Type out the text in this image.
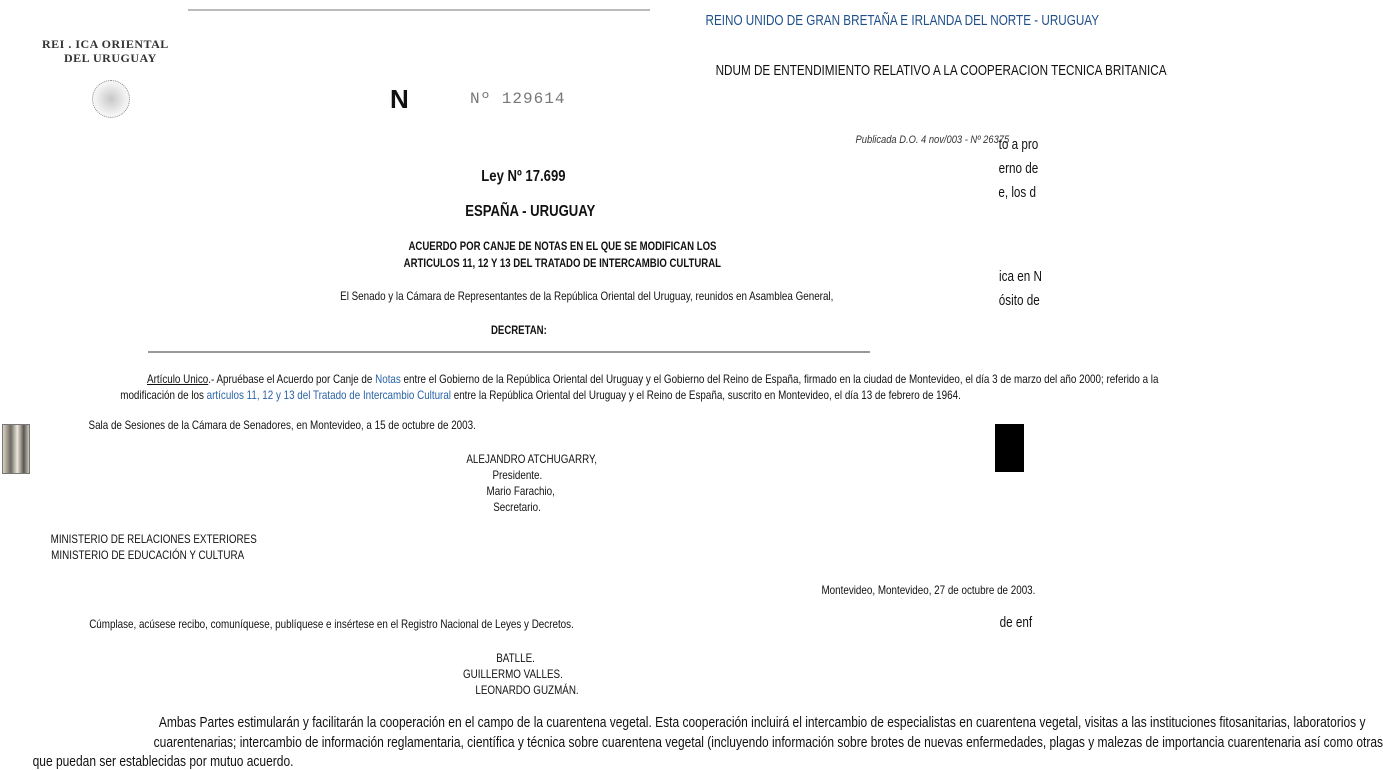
REINO UNIDO DE GRAN BRETAÑA E IRLANDA DEL NORTE - URUGUAY
NDUM DE ENTENDIMIENTO RELATIVO A LA COOPERACION TECNICA BRITANICA
to a pro
erno de
e, los d
ica en N
ósito de
de enf
Ambas Partes estimularán y facilitarán la cooperación en el campo de la cuarentena vegetal. Esta cooperación incluirá el intercambio de especialistas en cuarentena vegetal, visitas a las instituciones fitosanitarias, laboratorios y
cuarentenarias; intercambio de información reglamentaria, científica y técnica sobre cuarentena vegetal (incluyendo información sobre brotes de nuevas enfermedades, plagas y malezas de importancia cuarentenaria así como otras
que puedan ser establecidas por mutuo acuerdo.
REI . ICA ORIENTAL
DEL URUGUAY
N	Nº 129614
Publicada D.O. 4 nov/003 - Nº 26375
Ley Nº 17.699
ESPAÑA - URUGUAY
ACUERDO POR CANJE DE NOTAS EN EL QUE SE MODIFICAN LOS
ARTICULOS 11, 12 Y 13 DEL TRATADO DE INTERCAMBIO CULTURAL
El Senado y la Cámara de Representantes de la República Oriental del Uruguay, reunidos en Asamblea General,
DECRETAN:
Artículo Unico.- Apruébase el Acuerdo por Canje de Notas entre el Gobierno de la República Oriental del Uruguay y el Gobierno del Reino de España, firmado en la ciudad de Montevideo, el día 3 de marzo del año 2000; referido a la
modificación de los artículos 11, 12 y 13 del Tratado de Intercambio Cultural entre la República Oriental del Uruguay y el Reino de España, suscrito en Montevideo, el día 13 de febrero de 1964.
Sala de Sesiones de la Cámara de Senadores, en Montevideo, a 15 de octubre de 2003.
ALEJANDRO ATCHUGARRY,
Presidente.
Mario Farachio,
Secretario.
MINISTERIO DE RELACIONES EXTERIORES
MINISTERIO DE EDUCACIÓN Y CULTURA
Montevideo, Montevideo, 27 de octubre de 2003.
Cúmplase, acúsese recibo, comuníquese, publíquese e insértese en el Registro Nacional de Leyes y Decretos.
BATLLE.
GUILLERMO VALLES.
LEONARDO GUZMÁN.
